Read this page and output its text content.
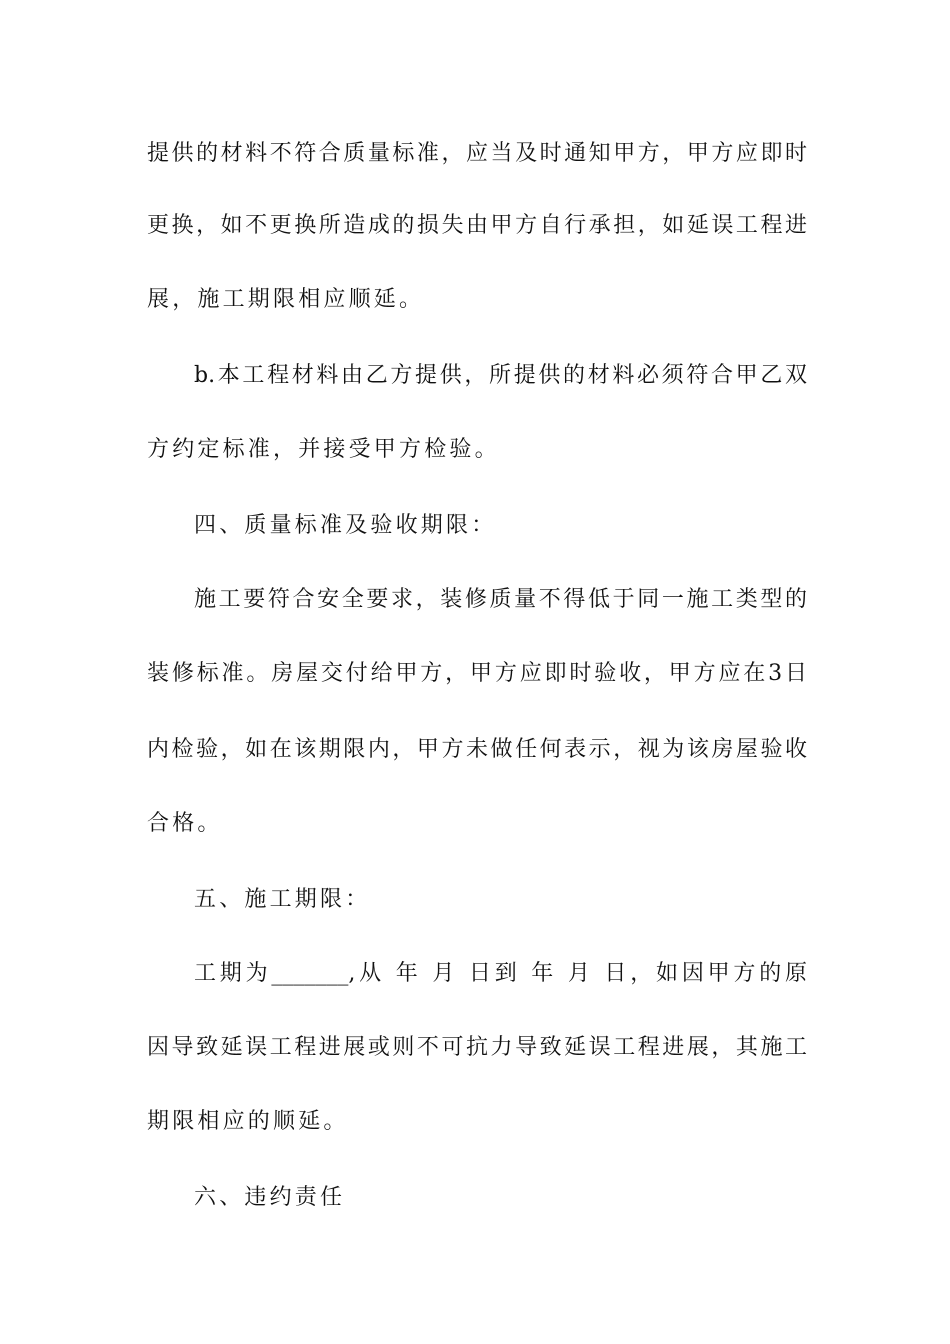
提供的材料不符合质量标准，应当及时通知甲方，甲方应即时
更换，如不更换所造成的损失由甲方自行承担，如延误工程进
展，施工期限相应顺延。
b.本工程材料由乙方提供，所提供的材料必须符合甲乙双
方约定标准，并接受甲方检验。
四、质量标准及验收期限：
施工要符合安全要求，装修质量不得低于同一施工类型的
装修标准。房屋交付给甲方，甲方应即时验收，甲方应在3日
内检验，如在该期限内，甲方未做任何表示，视为该房屋验收
合格。
五、施工期限：
工期为_______,从 年 月 日到 年 月 日，如因甲方的原
因导致延误工程进展或则不可抗力导致延误工程进展，其施工
期限相应的顺延。
六、违约责任
